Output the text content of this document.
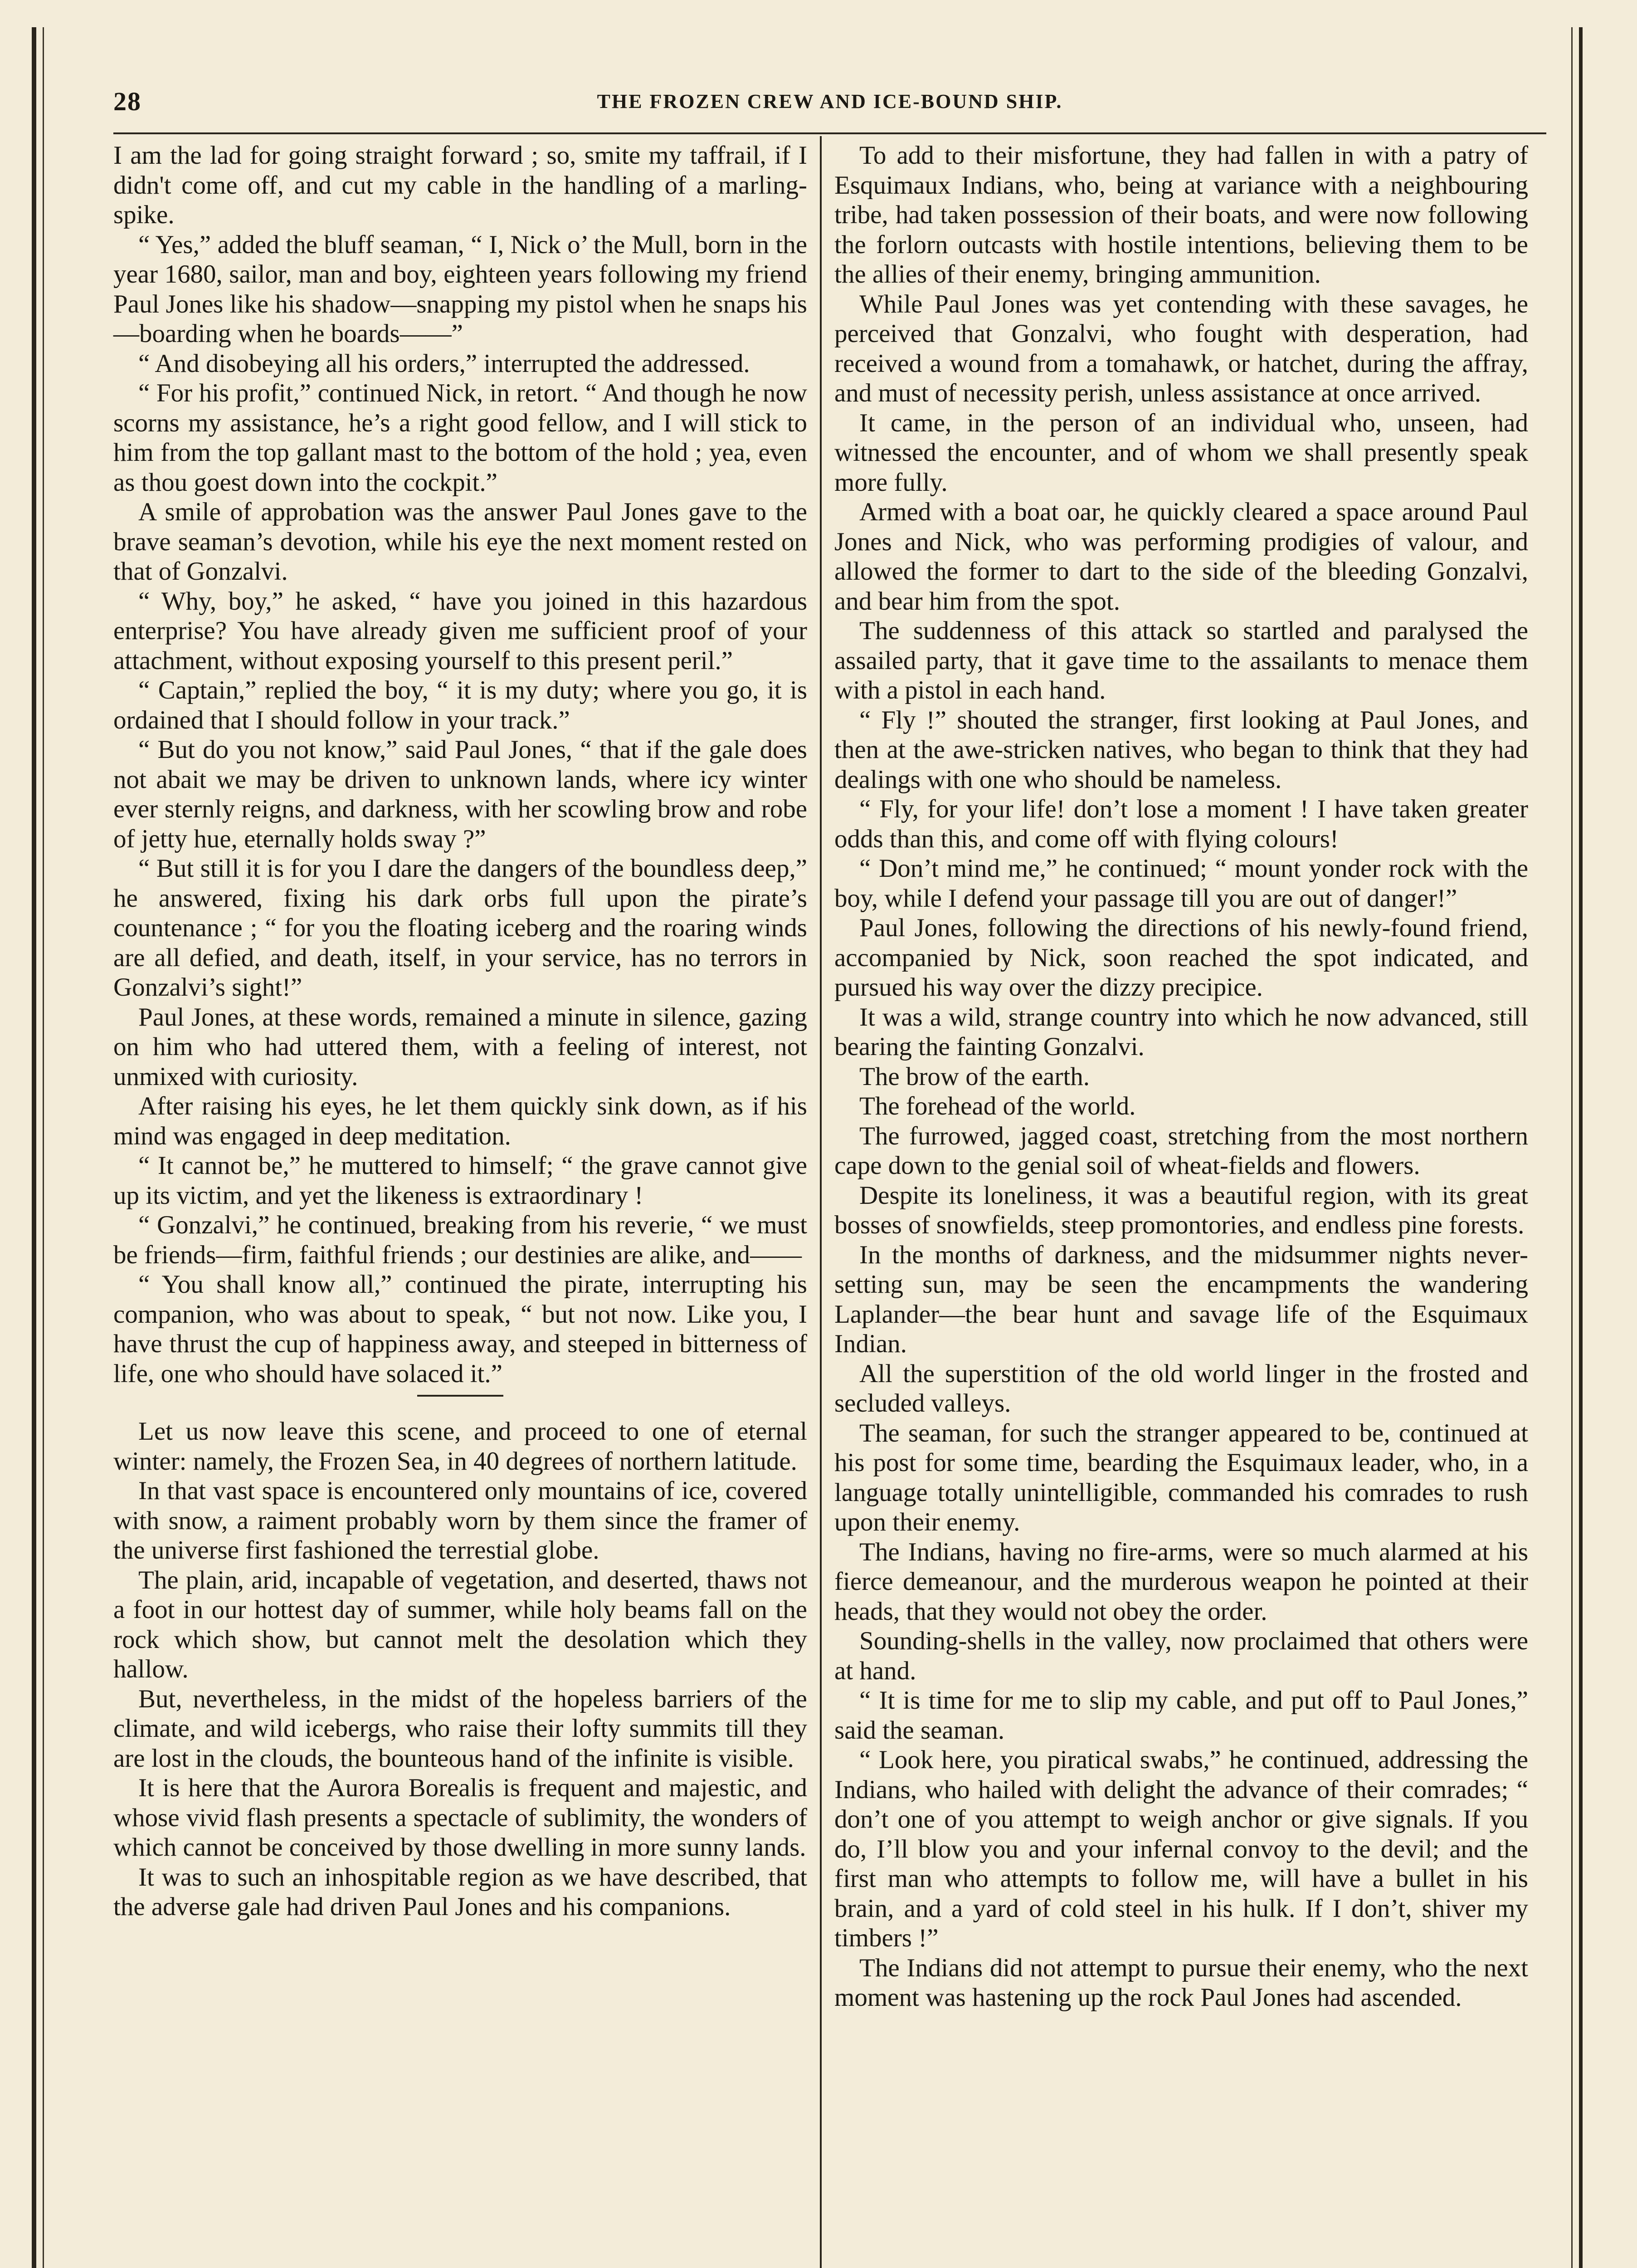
28	THE FROZEN CREW AND ICE-BOUND SHIP.

I am the lad for going straight forward ; so, smite my taffrail, if I didn't come off, and cut my cable in the handling of a marling-spike.

“ Yes,” added the bluff seaman, “ I, Nick o’ the Mull, born in the year 1680, sailor, man and boy, eighteen years following my friend Paul Jones like his shadow—snapping my pistol when he snaps his—boarding when he boards——”

“ And disobeying all his orders,” interrupted the addressed.

“ For his profit,” continued Nick, in retort. “ And though he now scorns my assistance, he’s a right good fellow, and I will stick to him from the top gallant mast to the bottom of the hold ; yea, even as thou goest down into the cockpit.”

A smile of approbation was the answer Paul Jones gave to the brave seaman’s devotion, while his eye the next moment rested on that of Gonzalvi.

“ Why, boy,” he asked, “ have you joined in this hazardous enterprise? You have already given me sufficient proof of your attachment, without exposing yourself to this present peril.”

“ Captain,” replied the boy, “ it is my duty; where you go, it is ordained that I should follow in your track.”

“ But do you not know,” said Paul Jones, “ that if the gale does not abait we may be driven to unknown lands, where icy winter ever sternly reigns, and darkness, with her scowling brow and robe of jetty hue, eternally holds sway ?”

“ But still it is for you I dare the dangers of the boundless deep,” he answered, fixing his dark orbs full upon the pirate’s countenance ; “ for you the floating iceberg and the roaring winds are all defied, and death, itself, in your service, has no terrors in Gonzalvi’s sight!”

Paul Jones, at these words, remained a minute in silence, gazing on him who had uttered them, with a feeling of interest, not unmixed with curiosity.

After raising his eyes, he let them quickly sink down, as if his mind was engaged in deep meditation.

“ It cannot be,” he muttered to himself; “ the grave cannot give up its victim, and yet the likeness is extraordinary !

“ Gonzalvi,” he continued, breaking from his reverie, “ we must be friends—firm, faithful friends ; our destinies are alike, and——

“ You shall know all,” continued the pirate, interrupting his companion, who was about to speak, “ but not now. Like you, I have thrust the cup of happiness away, and steeped in bitterness of life, one who should have solaced it.”

Let us now leave this scene, and proceed to one of eternal winter: namely, the Frozen Sea, in 40 degrees of northern latitude.

In that vast space is encountered only mountains of ice, covered with snow, a raiment probably worn by them since the framer of the universe first fashioned the terrestial globe.

The plain, arid, incapable of vegetation, and deserted, thaws not a foot in our hottest day of summer, while holy beams fall on the rock which show, but cannot melt the desolation which they hallow.

But, nevertheless, in the midst of the hopeless barriers of the climate, and wild icebergs, who raise their lofty summits till they are lost in the clouds, the bounteous hand of the infinite is visible.

It is here that the Aurora Borealis is frequent and majestic, and whose vivid flash presents a spectacle of sublimity, the wonders of which cannot be conceived by those dwelling in more sunny lands.

It was to such an inhospitable region as we have described, that the adverse gale had driven Paul Jones and his companions.

To add to their misfortune, they had fallen in with a patry of Esquimaux Indians, who, being at variance with a neighbouring tribe, had taken possession of their boats, and were now following the forlorn outcasts with hostile intentions, believing them to be the allies of their enemy, bringing ammunition.

While Paul Jones was yet contending with these savages, he perceived that Gonzalvi, who fought with desperation, had received a wound from a tomahawk, or hatchet, during the affray, and must of necessity perish, unless assistance at once arrived.

It came, in the person of an individual who, unseen, had witnessed the encounter, and of whom we shall presently speak more fully.

Armed with a boat oar, he quickly cleared a space around Paul Jones and Nick, who was performing prodigies of valour, and allowed the former to dart to the side of the bleeding Gonzalvi, and bear him from the spot.

The suddenness of this attack so startled and paralysed the assailed party, that it gave time to the assailants to menace them with a pistol in each hand.

“ Fly !” shouted the stranger, first looking at Paul Jones, and then at the awe-stricken natives, who began to think that they had dealings with one who should be nameless.

“ Fly, for your life! don’t lose a moment ! I have taken greater odds than this, and come off with flying colours!

“ Don’t mind me,” he continued; “ mount yonder rock with the boy, while I defend your passage till you are out of danger!”

Paul Jones, following the directions of his newly-found friend, accompanied by Nick, soon reached the spot indicated, and pursued his way over the dizzy precipice.

It was a wild, strange country into which he now advanced, still bearing the fainting Gonzalvi.

The brow of the earth.

The forehead of the world.

The furrowed, jagged coast, stretching from the most northern cape down to the genial soil of wheat-fields and flowers.

Despite its loneliness, it was a beautiful region, with its great bosses of snowfields, steep promontories, and endless pine forests.

In the months of darkness, and the midsummer nights never-setting sun, may be seen the encampments the wandering Laplander—the bear hunt and savage life of the Esquimaux Indian.

All the superstition of the old world linger in the frosted and secluded valleys.

The seaman, for such the stranger appeared to be, continued at his post for some time, bearding the Esquimaux leader, who, in a language totally unintelligible, commanded his comrades to rush upon their enemy.

The Indians, having no fire-arms, were so much alarmed at his fierce demeanour, and the murderous weapon he pointed at their heads, that they would not obey the order.

Sounding-shells in the valley, now proclaimed that others were at hand.

“ It is time for me to slip my cable, and put off to Paul Jones,” said the seaman.

“ Look here, you piratical swabs,” he continued, addressing the Indians, who hailed with delight the advance of their comrades; “ don’t one of you attempt to weigh anchor or give signals. If you do, I’ll blow you and your infernal convoy to the devil; and the first man who attempts to follow me, will have a bullet in his brain, and a yard of cold steel in his hulk. If I don’t, shiver my timbers !”

The Indians did not attempt to pursue their enemy, who the next moment was hastening up the rock Paul Jones had ascended.
